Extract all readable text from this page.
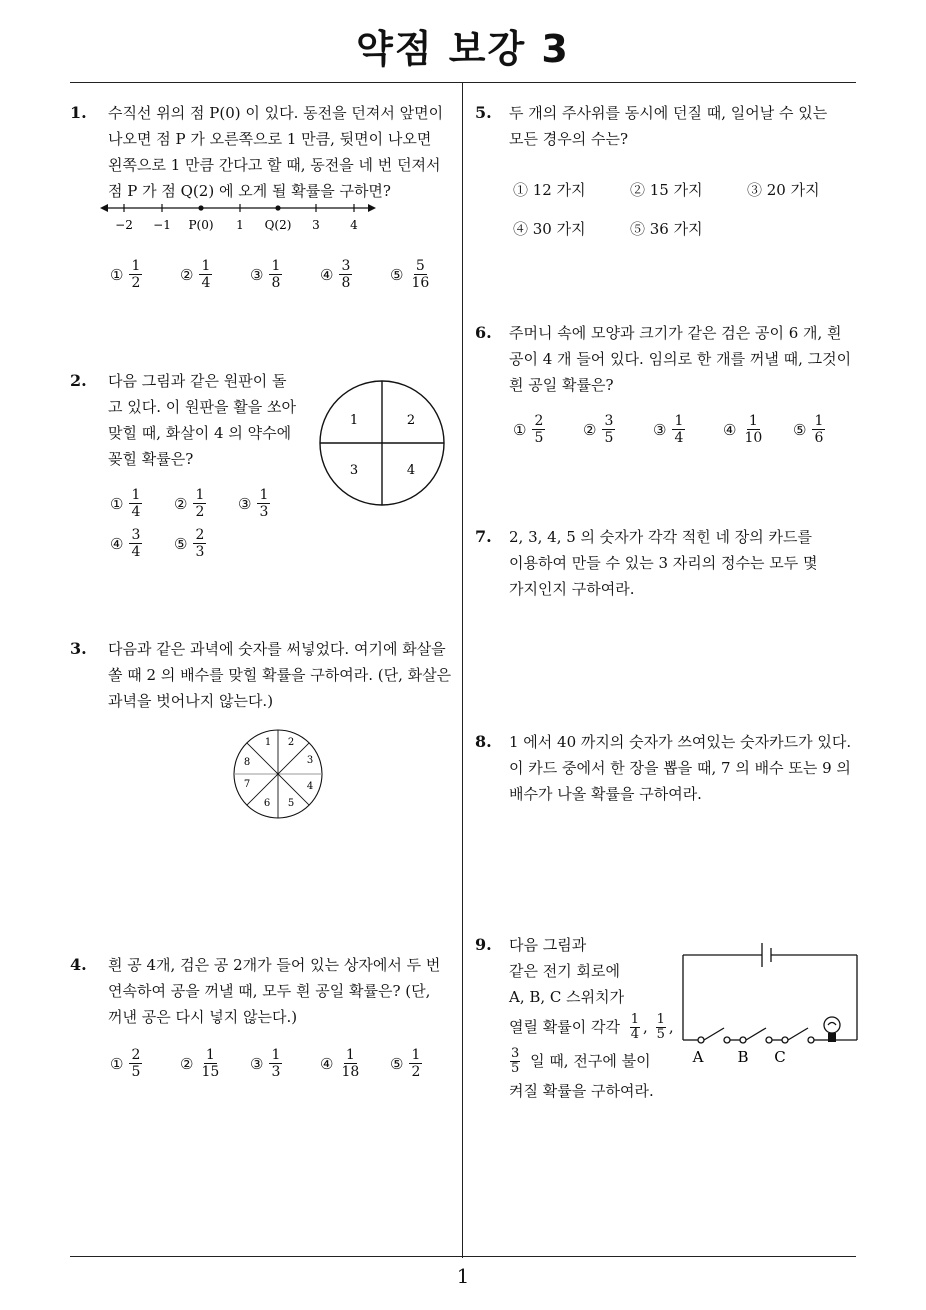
약점 보강 3
1
1. 수직선 위의 점 P(0) 이 있다. 동전을 던져서 앞면이
나오면 점 P 가 오른쪽으로 1 만큼, 뒷면이 나오면
왼쪽으로 1 만큼 간다고 할 때, 동전을 네 번 던져서
점 P 가 점 Q(2) 에 오게 될 확률을 구하면?
−2 −1 P(0) 1 Q(2) 3	4
① $\frac{1}{2}$	② $\frac{1}{4}$	③ $\frac{1}{8}$	④ $\frac{3}{8}$	⑤ $\frac{5}{16}$
2. 다음 그림과 같은 원판이 돌
고 있다. 이 원판을 활을 쏘아
맞힐 때, 화살이 4 의 약수에
꽂힐 확률은?
1	2
3	4
① $\frac{1}{4}$ ② $\frac{1}{2}$ ③ $\frac{1}{3}$
④ $\frac{3}{4}$ ⑤ $\frac{2}{3}$
3. 다음과 같은 과녁에 숫자를 써넣었다. 여기에 화살을
쏠 때 2 의 배수를 맞힐 확률을 구하여라. (단, 화살은
과녁을 벗어나지 않는다.)
1 2
3
4
5
6
7
8
4. 흰 공 4개, 검은 공 2개가 들어 있는 상자에서 두 번
연속하여 공을 꺼낼 때, 모두 흰 공일 확률은? (단,
꺼낸 공은 다시 넣지 않는다.)
① $\frac{2}{5}$	② $\frac{1}{15}$ ③ $\frac{1}{3}$	④ $\frac{1}{18}$ ⑤ $\frac{1}{2}$
5. 두 개의 주사위를 동시에 던질 때, 일어날 수 있는
모든 경우의 수는?
① 12 가지	② 15 가지	③ 20 가지
④ 30 가지	⑤ 36 가지
6. 주머니 속에 모양과 크기가 같은 검은 공이 6 개, 흰
공이 4 개 들어 있다. 임의로 한 개를 꺼낼 때, 그것이
흰 공일 확률은?
① $\frac{2}{5}$	② $\frac{3}{5}$	③ $\frac{1}{4}$	④ $\frac{1}{10}$ ⑤ $\frac{1}{6}$
7. 2, 3, 4, 5 의 숫자가 각각 적힌 네 장의 카드를
이용하여 만들 수 있는 3 자리의 정수는 모두 몇
가지인지 구하여라.
8. 1 에서 40 까지의 숫자가 쓰여있는 숫자카드가 있다.
이 카드 중에서 한 장을 뽑을 때, 7 의 배수 또는 9 의
배수가 나올 확률을 구하여라.
9. 다음 그림과
같은 전기 회로에
A, B, C 스위치가
열릴 확률이 각각
1
4 , 1
5 ,
3
5
일 때, 전구에 불이
켜질 확률을 구하여라.
A B C
